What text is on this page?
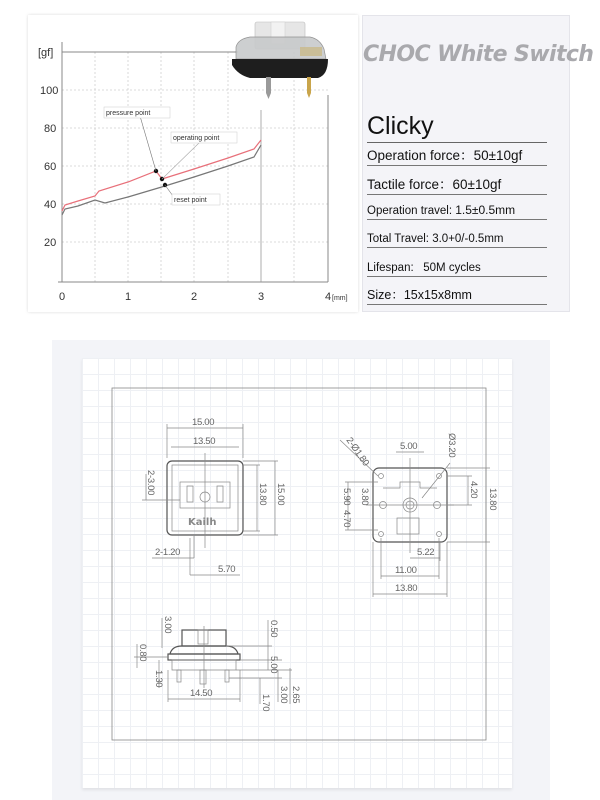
[gf]
100
80
60
40
20
0	1	2	3	4 [mm]
pressure point
operating point
reset point
CHOC White Switch
Clicky
Operation force：50±10gf
Tactile force：60±10gf
Operation travel: 1.5±0.5mm
Total Travel: 3.0+0/-0.5mm
Lifespan:   50M cycles
Size：15x15x8mm
Kailh
15.00
13.50
13.80 15.00
2-3.00
2-1.20
5.70
5.00	Ø3.20
2-Ø1.80
5.90 3.80
4.70
4.20 13.80
5.22
11.00
13.80
3.00
0.80
1.30
14.50
0.50
5.00
3.00
1.70 2.65
